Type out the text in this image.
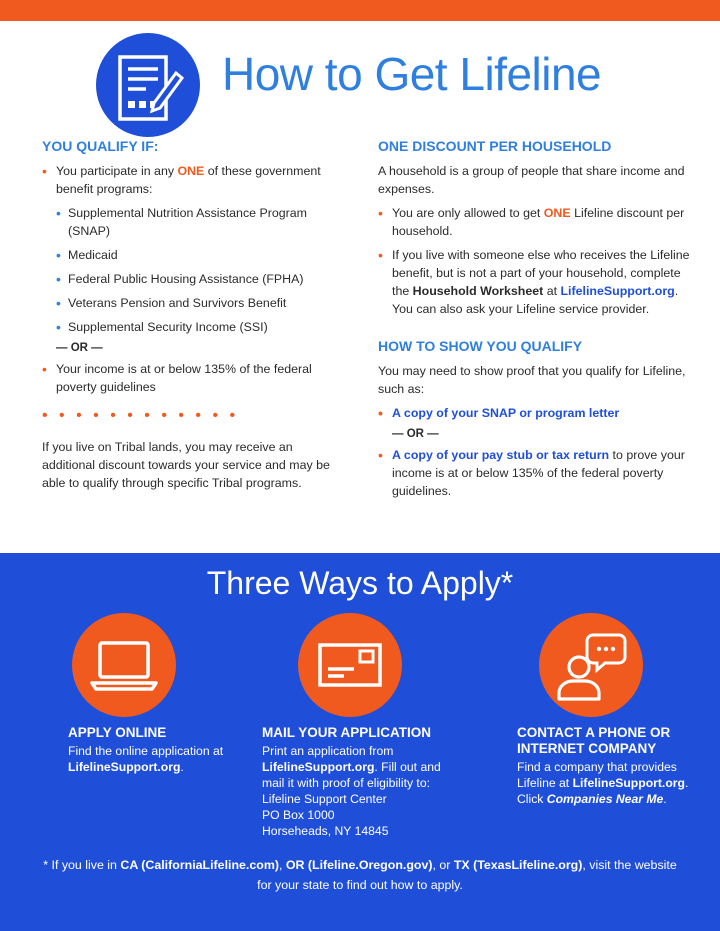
How to Get Lifeline
YOU QUALIFY IF:
• You participate in any ONE of these government benefit programs:
• Supplemental Nutrition Assistance Program (SNAP)
• Medicaid
• Federal Public Housing Assistance (FPHA)
• Veterans Pension and Survivors Benefit
• Supplemental Security Income (SSI)
— OR —
• Your income is at or below 135% of the federal poverty guidelines
• • • • • • • • • • • •

If you live on Tribal lands, you may receive an additional discount towards your service and may be able to qualify through specific Tribal programs.

ONE DISCOUNT PER HOUSEHOLD

A household is a group of people that share income and expenses.

• You are only allowed to get ONE Lifeline discount per household.
• If you live with someone else who receives the Lifeline benefit, but is not a part of your household, complete the Household Worksheet at LifelineSupport.org. You can also ask your Lifeline service provider.
HOW TO SHOW YOU QUALIFY

You may need to show proof that you qualify for Lifeline, such as:

• A copy of your SNAP or program letter
— OR —
• A copy of your pay stub or tax return to prove your income is at or below 135% of the federal poverty guidelines.
Three Ways to Apply*
APPLY ONLINE
Find the online application at
LifelineSupport.org.
MAIL YOUR APPLICATION
Print an application from
LifelineSupport.org. Fill out and mail it with proof of eligibility to:
Lifeline Support Center
PO Box 1000
Horseheads, NY 14845
CONTACT A PHONE OR INTERNET COMPANY
Find a company that provides Lifeline at LifelineSupport.org. Click Companies Near Me.

* If you live in CA (CaliforniaLifeline.com), OR (Lifeline.Oregon.gov), or TX (TexasLifeline.org), visit the website for your state to find out how to apply.
